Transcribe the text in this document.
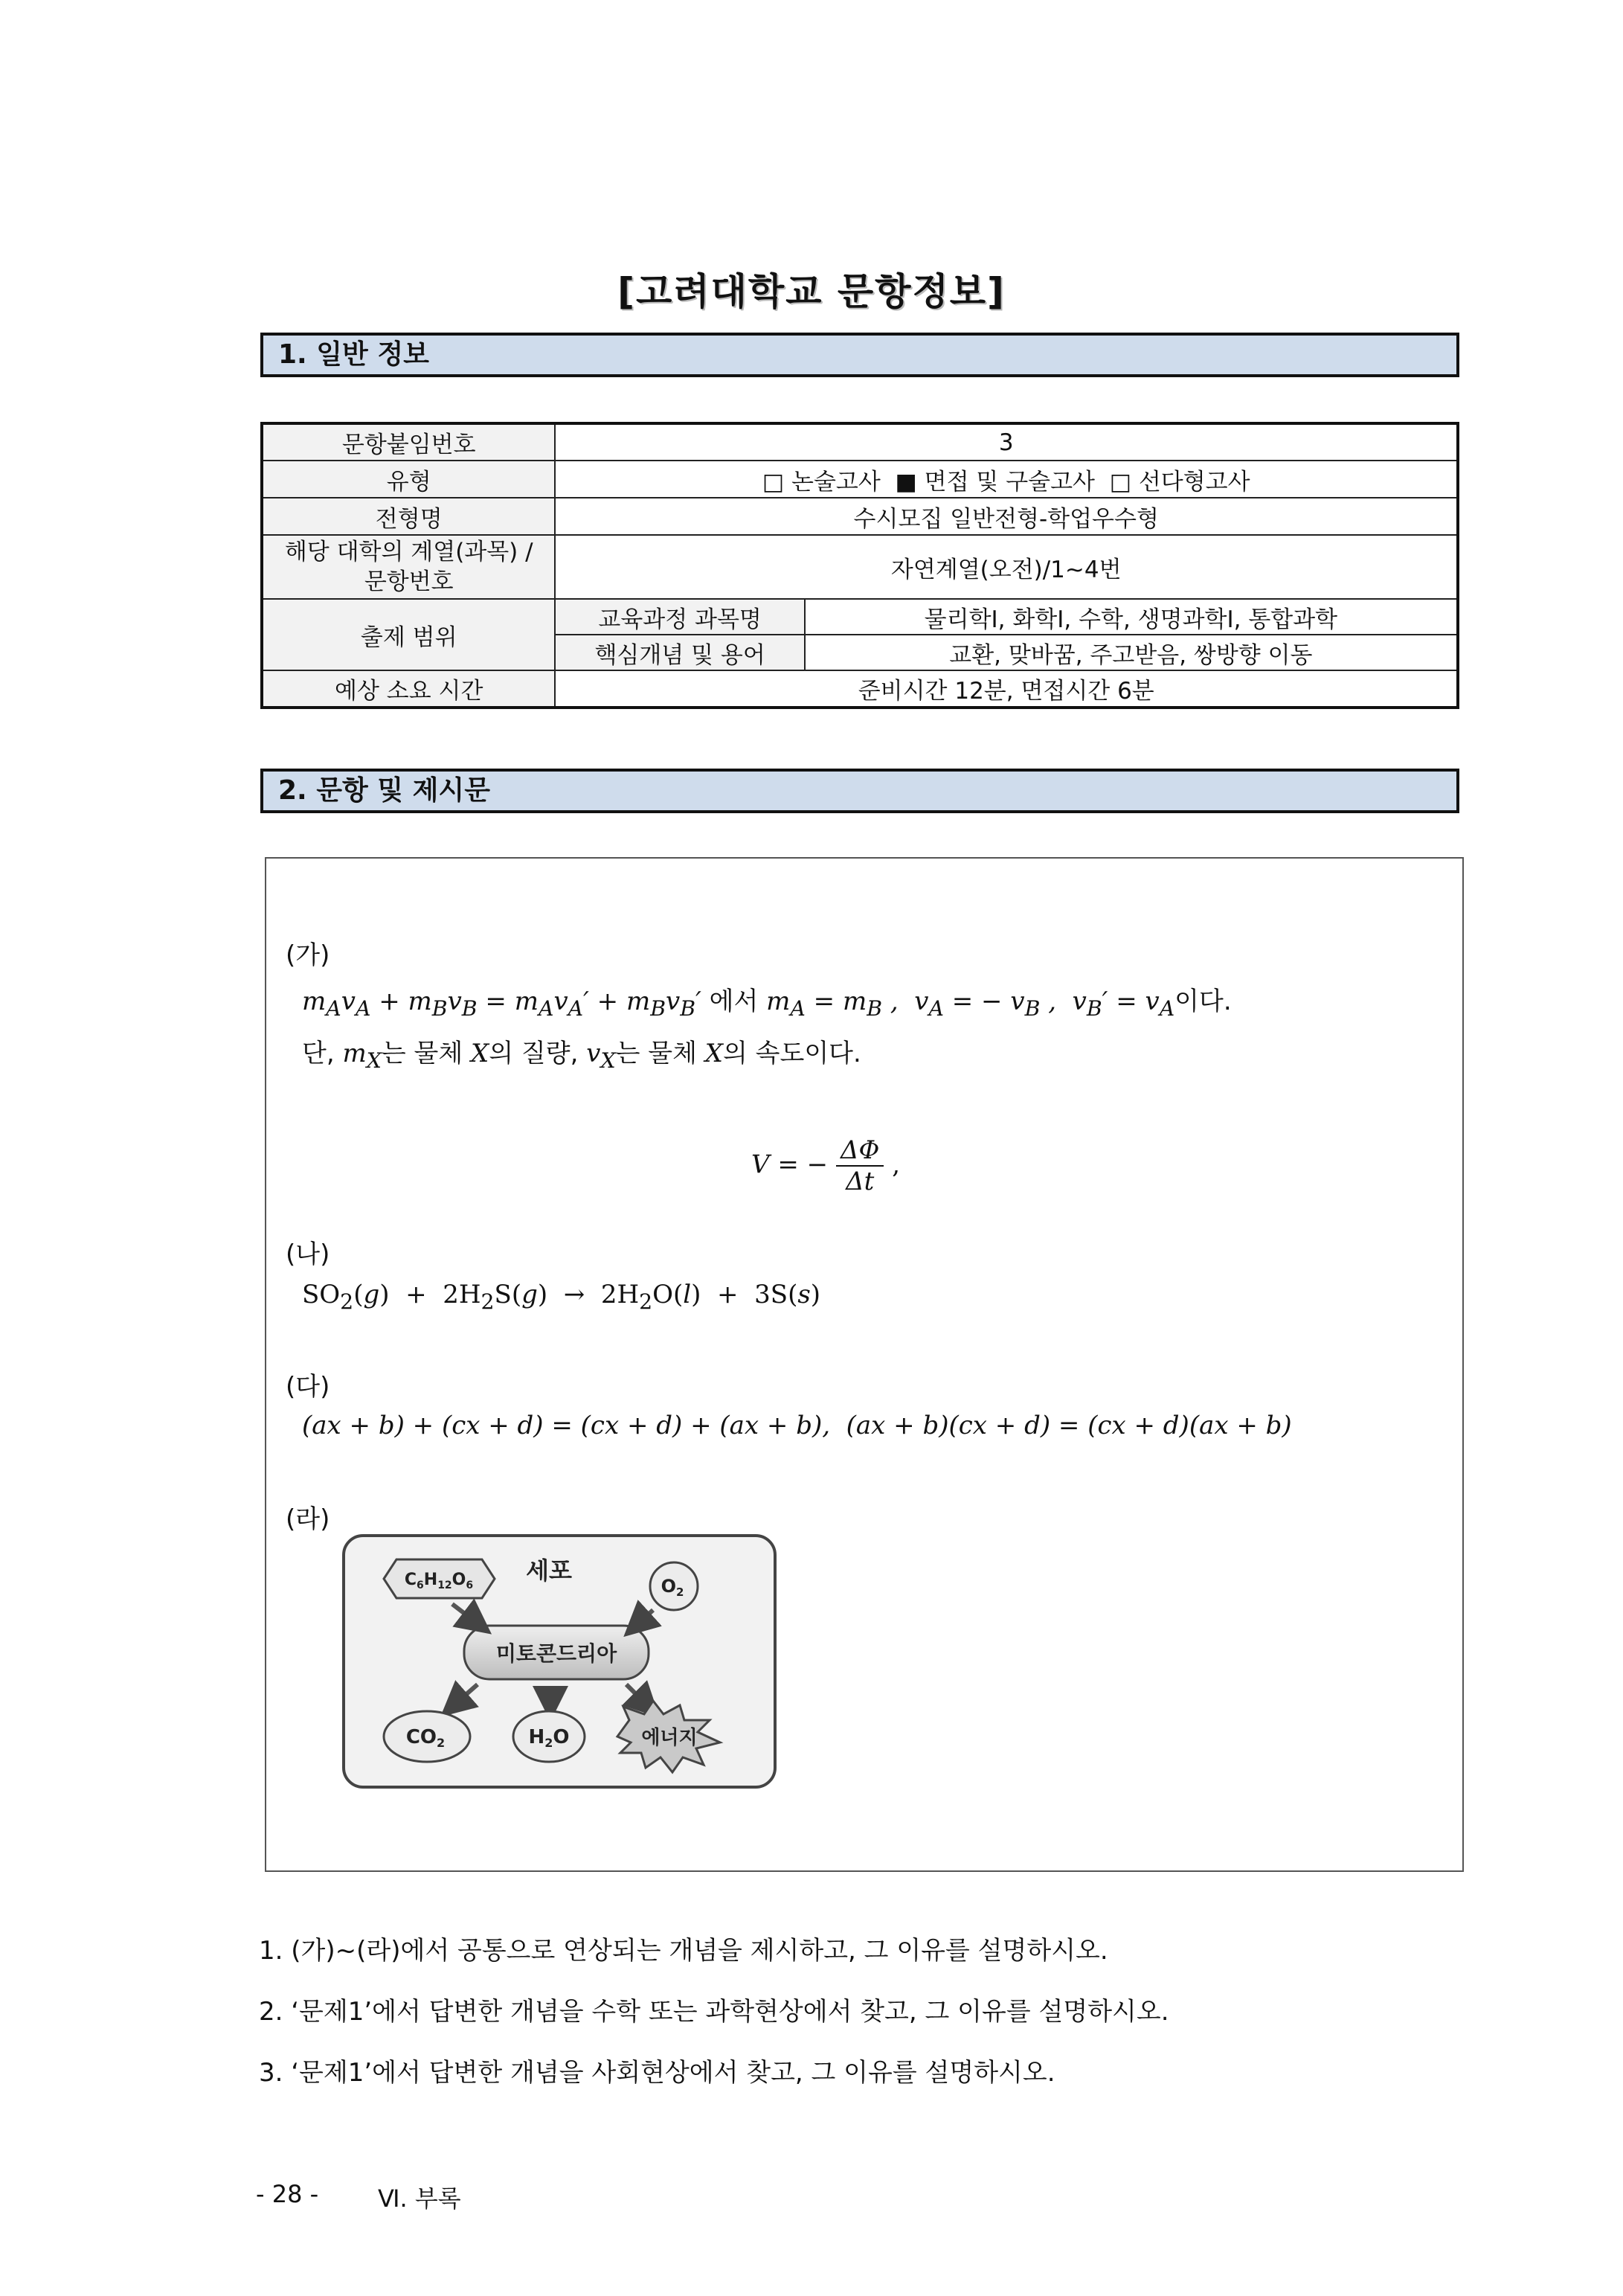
[고려대학교 문항정보]
1. 일반 정보
문항붙임번호	3	
유형	□ 논술고사  ■ 면접 및 구술고사  □ 선다형고사	
전형명	수시모집 일반전형-학업우수형	
해당 대학의 계열(과목) /
문항번호	자연계열(오전)/1~4번	
출제 범위	교육과정 과목명	물리학Ⅰ, 화학Ⅰ, 수학, 생명과학Ⅰ, 통합과학
	핵심개념 및 용어	교환, 맞바꿈, 주고받음, 쌍방향 이동
예상 소요 시간	준비시간 12분, 면접시간 6분	
2. 문항 및 제시문
(가)
$m_Av_A + m_Bv_B = m_Av_A' + m_Bv_B'$ 에서 $m_A = m_B$ ,  $v_A$ = − $v_B$ ,  $v_B' = v_A$이다.
단, $m_X$는 물체 X의 질량, $v_X$는 물체 X의 속도이다.
V = − $\frac{\Delta\Phi}{\Delta t}$ ,
(나)
$SO_2(g) + 2H_2S(g) \to 2H_2O(l) + 3S(s)$
(다)
(ax + b) + (cx + d) = (cx + d) + (ax + b),  (ax + b)(cx + d) = (cx + d)(ax + b)
(라)
세포
$C_6H_{12}O_6$	$O_2$
미토콘드리아
CO2	H2O	에너지
1. (가)~(라)에서 공통으로 연상되는 개념을 제시하고, 그 이유를 설명하시오.
2. ‘문제1’에서 답변한 개념을 수학 또는 과학현상에서 찾고, 그 이유를 설명하시오.
3. ‘문제1’에서 답변한 개념을 사회현상에서 찾고, 그 이유를 설명하시오.
- 28 - Ⅵ. 부록
